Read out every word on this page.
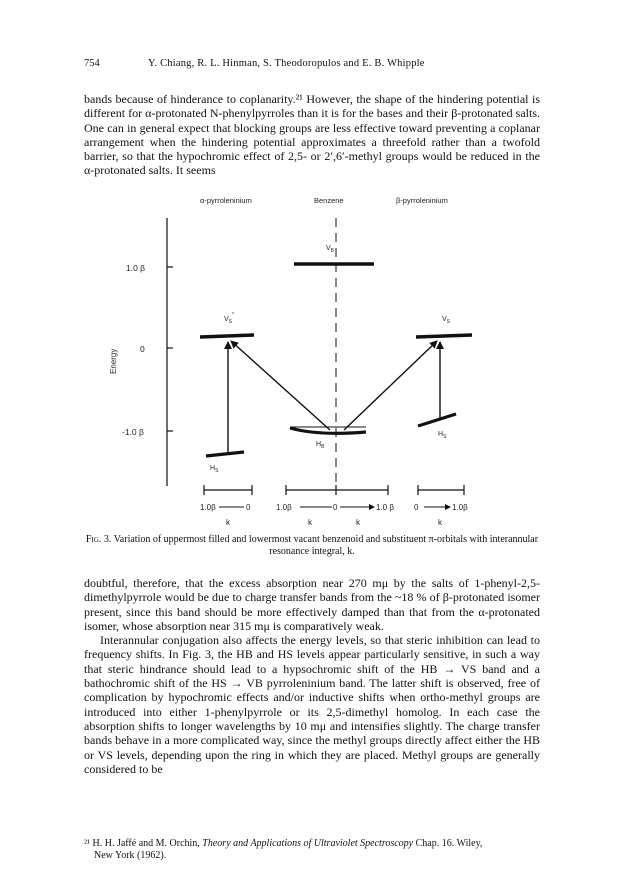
754	Y. Chiang, R. L. Hinman, S. Theodoropulos and E. B. Whipple
bands because of hinderance to coplanarity.²¹ However, the shape of the hindering potential is different for α-protonated N-phenylpyrroles than it is for the bases and their β-protonated salts. One can in general expect that blocking groups are less effective toward preventing a coplanar arrangement when the hindering potential approximates a threefold rather than a twofold barrier, so that the hypochromic effect of 2,5- or 2′,6′-methyl groups would be reduced in the α-protonated salts. It seems
α-pyrroleninium	Benzene	β-pyrroleninium
1.0 β
0
-1.0 β
Energy
$V_B$
$H_B$
$V_S^*$
$H_S$
$V_S$
$H_S$
1.0β	0
k
1.0β	0	1.0 β
k	k
0	1.0β
k
Fig. 3. Variation of uppermost filled and lowermost vacant benzenoid and substituent π-orbitals with interannular resonance integral, k.

doubtful, therefore, that the excess absorption near 270 mμ by the salts of 1-phenyl-2,5-dimethylpyrrole would be due to charge transfer bands from the ~18 % of β-protonated isomer present, since this band should be more effectively damped than that from the α-protonated isomer, whose absorption near 315 mμ is comparatively weak.

Interannular conjugation also affects the energy levels, so that steric inhibition can lead to frequency shifts. In Fig. 3, the HB and HS levels appear particularly sensitive, in such a way that steric hindrance should lead to a hypsochromic shift of the HB → VS band and a bathochromic shift of the HS → VB pyrroleninium band. The latter shift is observed, free of complication by hypochromic effects and/or inductive shifts when ortho-methyl groups are introduced into either 1-phenylpyrrole or its 2,5-dimethyl homolog. In each case the absorption shifts to longer wavelengths by 10 mμ and intensifies slightly. The charge transfer bands behave in a more complicated way, since the methyl groups directly affect either the HB or VS levels, depending upon the ring in which they are placed. Methyl groups are generally considered to be

²¹ H. H. Jaffé and M. Orchin, Theory and Applications of Ultraviolet Spectroscopy Chap. 16. Wiley,
New York (1962).
